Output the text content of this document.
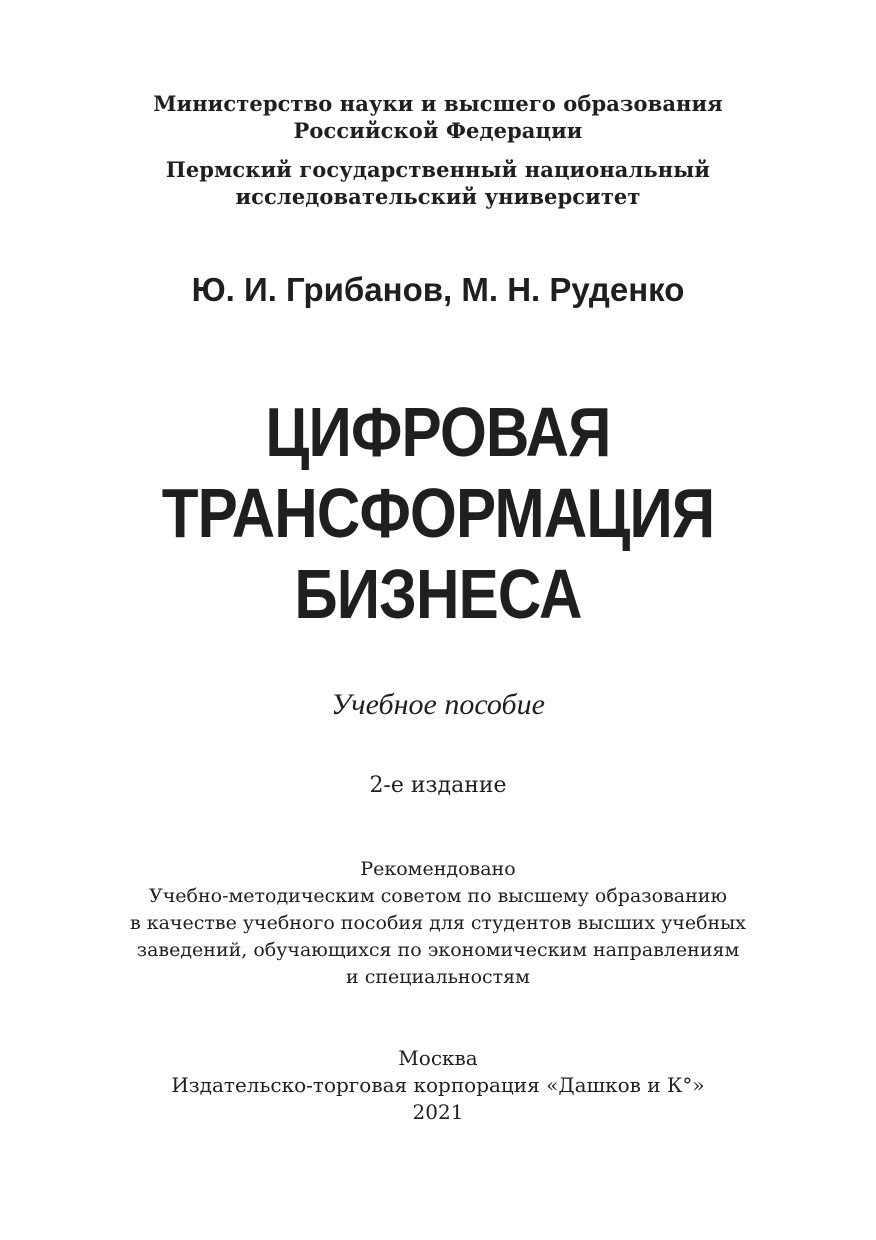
Министерство науки и высшего образования
Российской Федерации
Пермский государственный национальный
исследовательский университет
Ю. И. Грибанов, М. Н. Руденко
ЦИФРОВАЯ
ТРАНСФОРМАЦИЯ
БИЗНЕСА
Учебное пособие
2-е издание
Рекомендовано
Учебно-методическим советом по высшему образованию
в качестве учебного пособия для студентов высших учебных
заведений, обучающихся по экономическим направлениям
и специальностям
Москва
Издательско-торговая корпорация «Дашков и К°»
2021
